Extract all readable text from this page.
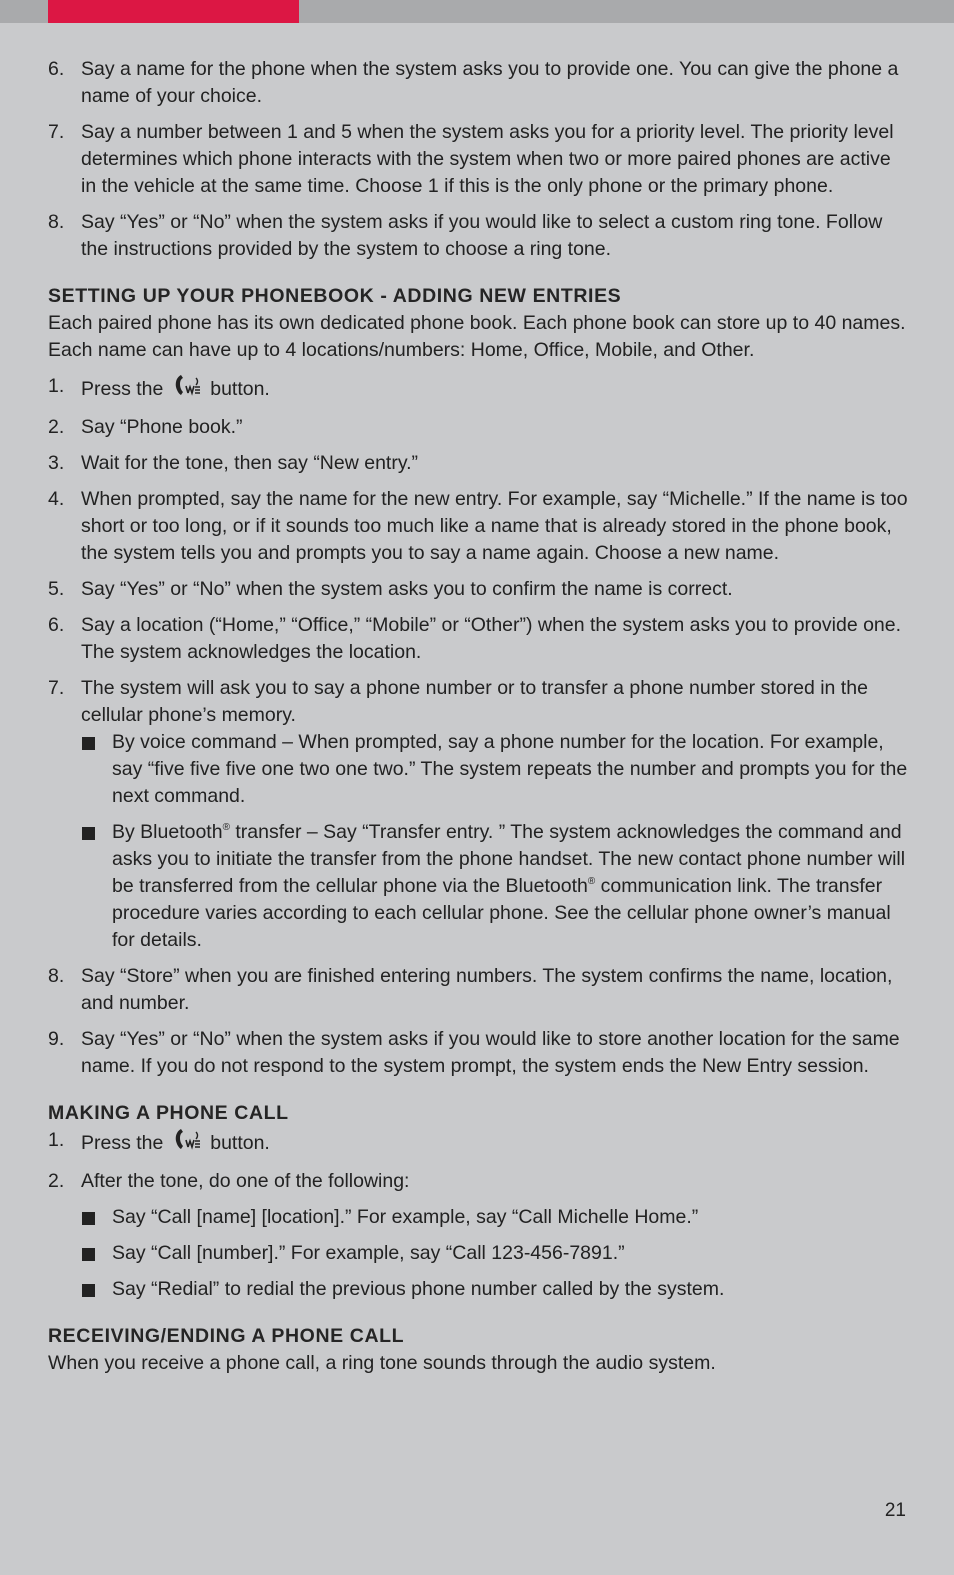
6. Say a name for the phone when the system asks you to provide one. You can give the phone a name of your choice.
7. Say a number between 1 and 5 when the system asks you for a priority level. The priority level determines which phone interacts with the system when two or more paired phones are active in the vehicle at the same time. Choose 1 if this is the only phone or the primary phone.
8. Say “Yes” or “No” when the system asks if you would like to select a custom ring tone. Follow the instructions provided by the system to choose a ring tone.
SETTING UP YOUR PHONEBOOK - ADDING NEW ENTRIES
Each paired phone has its own dedicated phone book. Each phone book can store up to 40 names. Each name can have up to 4 locations/numbers: Home, Office, Mobile, and Other.
1. Press the button.
2. Say “Phone book.”
3. Wait for the tone, then say “New entry.”
4. When prompted, say the name for the new entry. For example, say “Michelle.” If the name is too short or too long, or if it sounds too much like a name that is already stored in the phone book, the system tells you and prompts you to say a name again. Choose a new name.
5. Say “Yes” or “No” when the system asks you to confirm the name is correct.
6. Say a location (“Home,” “Office,” “Mobile” or “Other”) when the system asks you to provide one. The system acknowledges the location.
7. The system will ask you to say a phone number or to transfer a phone number stored in the cellular phone’s memory.
By voice command – When prompted, say a phone number for the location. For example, say “five five five one two one two.” The system repeats the number and prompts you for the next command.
By Bluetooth® transfer – Say “Transfer entry. ” The system acknowledges the command and asks you to initiate the transfer from the phone handset. The new contact phone number will be transferred from the cellular phone via the Bluetooth® communication link. The transfer procedure varies according to each cellular phone. See the cellular phone owner’s manual for details.
8. Say “Store” when you are finished entering numbers. The system confirms the name, location, and number.
9. Say “Yes” or “No” when the system asks if you would like to store another location for the same name. If you do not respond to the system prompt, the system ends the New Entry session.
MAKING A PHONE CALL
1. Press the button.
2. After the tone, do one of the following:
Say “Call [name] [location].” For example, say “Call Michelle Home.”
Say “Call [number].” For example, say “Call 123-456-7891.”
Say “Redial” to redial the previous phone number called by the system.
RECEIVING/ENDING A PHONE CALL
When you receive a phone call, a ring tone sounds through the audio system.
21
